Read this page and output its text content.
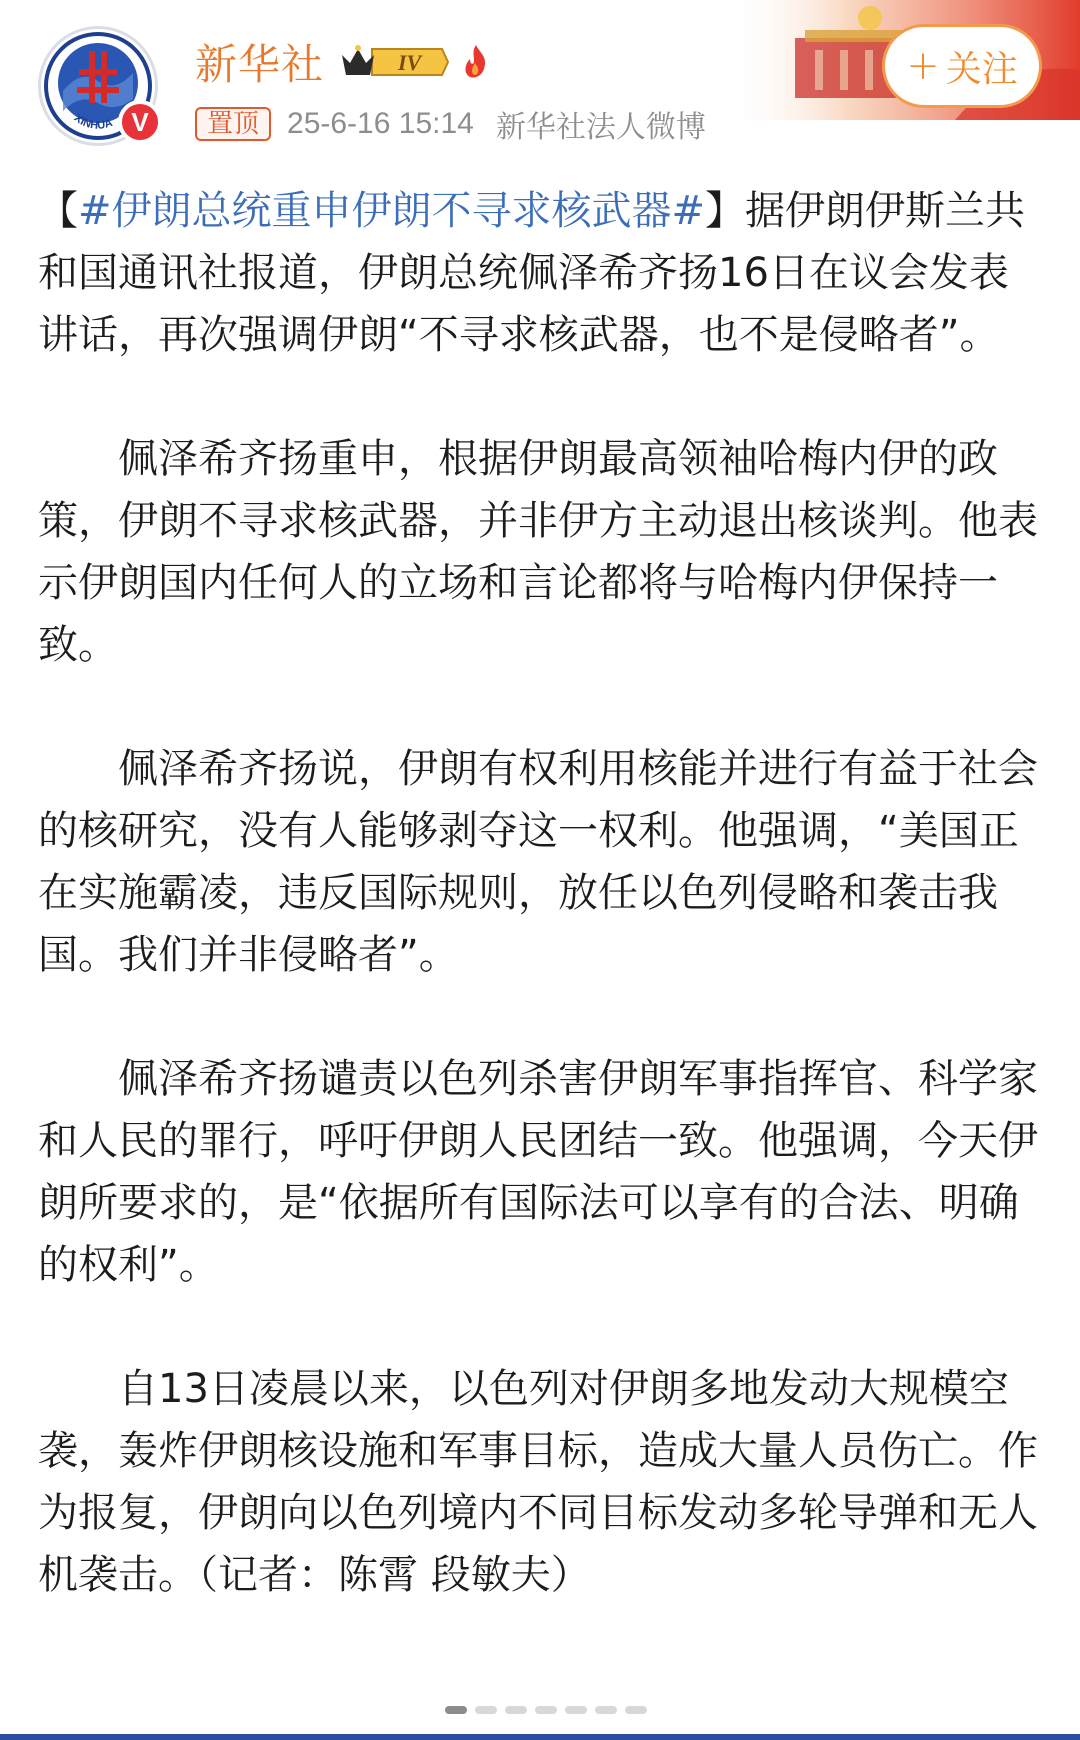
XINHUA V
新华社	IV
置顶 25-6-16 15:14 新华社法人微博
+ 关注

【#伊朗总统重申伊朗不寻求核武器#】据伊朗伊斯兰共和国通讯社报道，伊朗总统佩泽希齐扬16日在议会发表讲话，再次强调伊朗“不寻求核武器，也不是侵略者”。

佩泽希齐扬重申，根据伊朗最高领袖哈梅内伊的政策，伊朗不寻求核武器，并非伊方主动退出核谈判。他表示伊朗国内任何人的立场和言论都将与哈梅内伊保持一致。

佩泽希齐扬说，伊朗有权利用核能并进行有益于社会的核研究，没有人能够剥夺这一权利。他强调，“美国正在实施霸凌，违反国际规则，放任以色列侵略和袭击我国。我们并非侵略者”。

佩泽希齐扬谴责以色列杀害伊朗军事指挥官、科学家和人民的罪行，呼吁伊朗人民团结一致。他强调，今天伊朗所要求的，是“依据所有国际法可以享有的合法、明确的权利”。

自13日凌晨以来，以色列对伊朗多地发动大规模空袭，轰炸伊朗核设施和军事目标，造成大量人员伤亡。作为报复，伊朗向以色列境内不同目标发动多轮导弹和无人机袭击。（记者：陈霄 段敏夫）
